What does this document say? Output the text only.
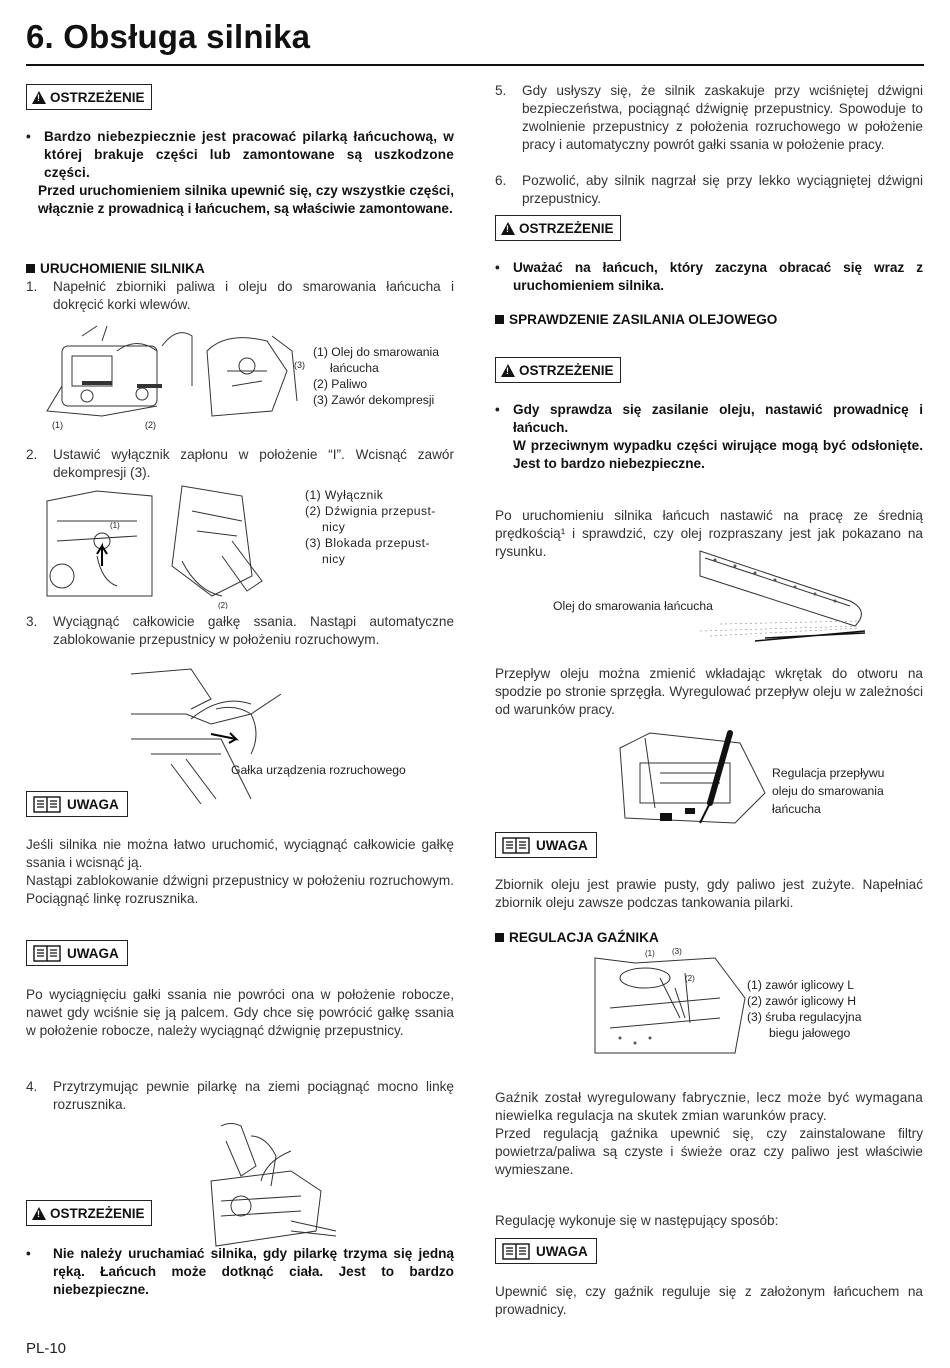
6. Obsługa silnika
!
OSTRZEŻENIE
• Bardzo niebezpiecznie jest pracować pilarką łańcuchową, w której brakuje części lub zamontowane są uszkodzone części.
Przed uruchomieniem silnika upewnić się, czy wszystkie części, włącznie z prowadnicą i łańcuchem, są właściwie zamontowane.
URUCHOMIENIE SILNIKA
1.	Napełnić zbiorniki paliwa i oleju do smarowania łańcucha i dokręcić korki wlewów.
(1)	(2)
(3)
(1) Olej do smarowania
łańcucha
(2) Paliwo
(3) Zawór dekompresji
2.	Ustawić wyłącznik zapłonu w położenie “I”. Wcisnąć zawór dekompresji (3).
(1)
(2)
(1) Wyłącznik
(2) Dźwignia przepust-
nicy
(3) Blokada przepust-
nicy
3.	Wyciągnąć całkowicie gałkę ssania. Nastąpi automatyczne zablokowanie przepustnicy w położeniu rozruchowym.
Gałka urządzenia rozruchowego
UWAGA
Jeśli silnika nie można łatwo uruchomić, wyciągnąć całkowicie gałkę ssania i wcisnąć ją.
Nastąpi zablokowanie dźwigni przepustnicy w położeniu rozruchowym. Pociągnąć linkę rozrusznika.
UWAGA
Po wyciągnięciu gałki ssania nie powróci ona w położenie robocze, nawet gdy wciśnie się ją palcem. Gdy chce się powrócić gałkę ssania w położenie robocze, należy wyciągnąć dźwignię przepustnicy.
4.	Przytrzymując pewnie pilarkę na ziemi pociągnąć mocno linkę rozrusznika.
!
OSTRZEŻENIE
•	Nie należy uruchamiać silnika, gdy pilarkę trzyma się jedną ręką. Łańcuch może dotknąć ciała. Jest to bardzo niebezpieczne.
5.	Gdy usłyszy się, że silnik zaskakuje przy wciśniętej dźwigni bezpieczeństwa, pociągnąć dźwignię przepustnicy. Spowoduje to zwolnienie przepustnicy z położenia rozruchowego w położenie pracy i automatyczny powrót gałki ssania w położenie pracy.
6.	Pozwolić, aby silnik nagrzał się przy lekko wyciągniętej dźwigni przepustnicy.
!
OSTRZEŻENIE
• Uważać na łańcuch, który zaczyna obracać się wraz z uruchomieniem silnika.
SPRAWDZENIE ZASILANIA OLEJOWEGO
!
OSTRZEŻENIE
• Gdy sprawdza się zasilanie oleju, nastawić prowadnicę i łańcuch.
W przeciwnym wypadku części wirujące mogą być odsłonięte. Jest to bardzo niebezpieczne.
Po uruchomieniu silnika łańcuch nastawić na pracę ze średnią prędkością¹ i sprawdzić, czy olej rozpraszany jest jak pokazano na rysunku.
Olej do smarowania łańcucha
Przepływ oleju można zmienić wkładając wkrętak do otworu na spodzie po stronie sprzęgła. Wyregulować przepływ oleju w zależności od warunków pracy.
Regulacja przepływu
oleju do smarowania
łańcucha
UWAGA
Zbiornik oleju jest prawie pusty, gdy paliwo jest zużyte. Napełniać zbiornik oleju zawsze podczas tankowania pilarki.
REGULACJA GAŹNIKA
(1) (3)
(2)	(1) zawór iglicowy L
(2) zawór iglicowy H
(3) śruba regulacyjna
biegu jałowego
Gaźnik został wyregulowany fabrycznie, lecz może być wymagana niewielka regulacja na skutek zmian warunków pracy.
Przed regulacją gaźnika upewnić się, czy zainstalowane filtry powietrza/paliwa są czyste i świeże oraz czy paliwo jest właściwie wymieszane.
Regulację wykonuje się w następujący sposób:
UWAGA
Upewnić się, czy gaźnik reguluje się z założonym łańcuchem na prowadnicy.
PL-10
